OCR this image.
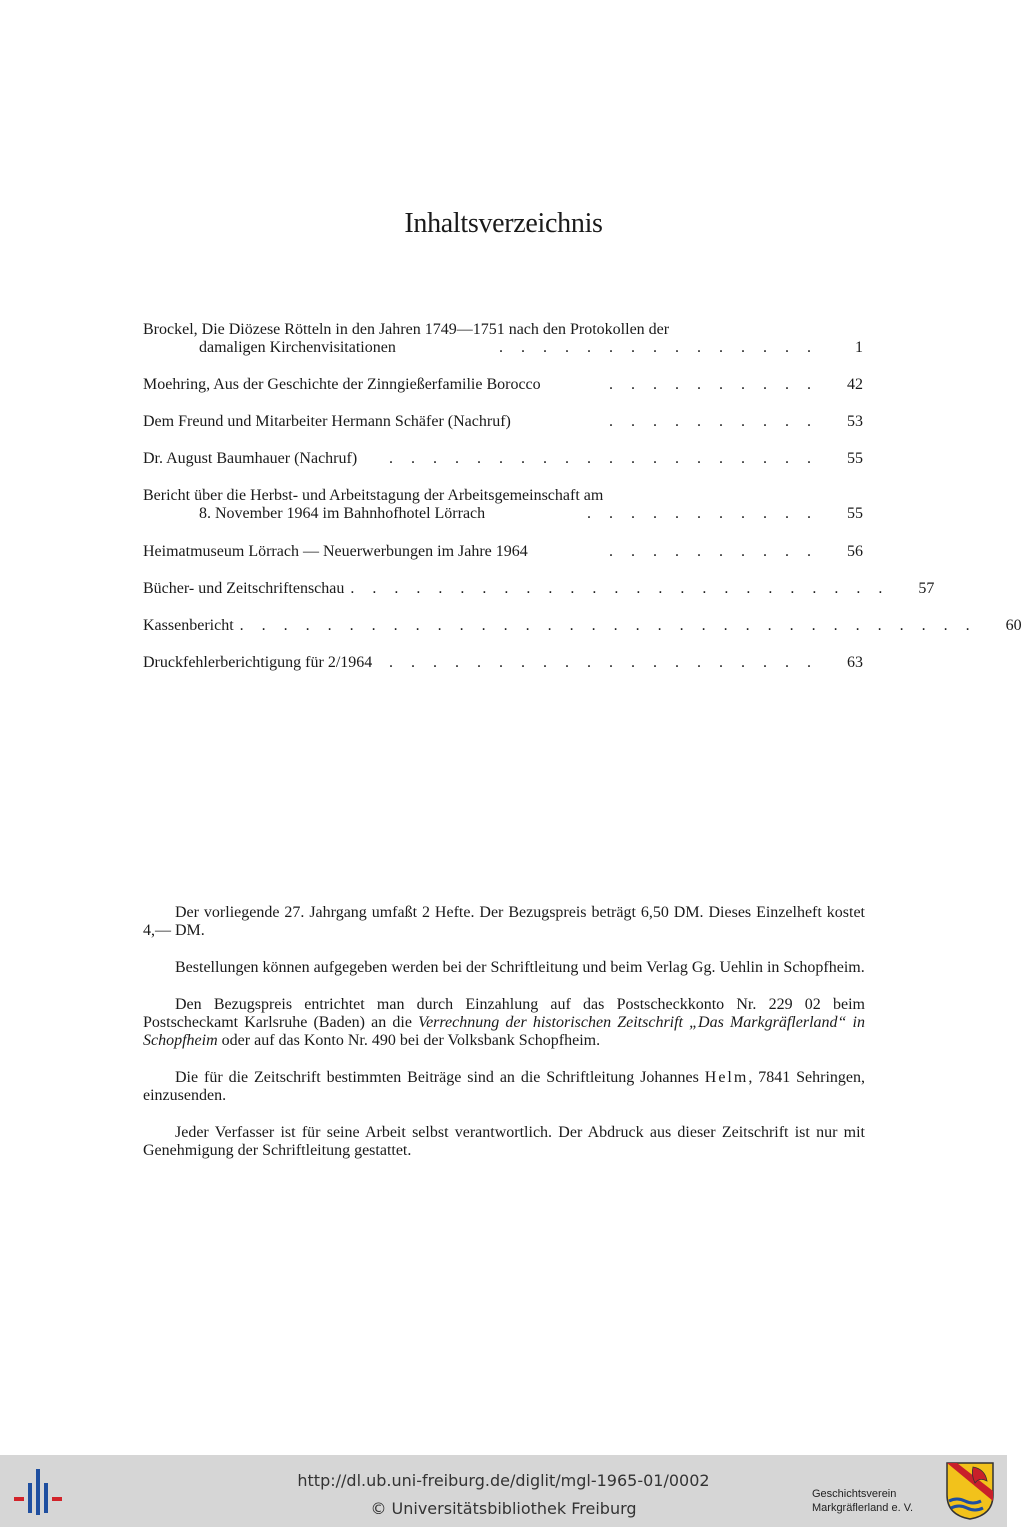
Inhaltsverzeichnis
Brockel, Die Diözese Rötteln in den Jahren 1749—1751 nach den Protokollen der
damaligen Kirchenvisitationen	...............	1
Moehring, Aus der Geschichte der Zinngießerfamilie Borocco	..........	42
Dem Freund und Mitarbeiter Hermann Schäfer (Nachruf)	..........	53
Dr. August Baumhauer (Nachruf)	....................	55
Bericht über die Herbst- und Arbeitstagung der Arbeitsgemeinschaft am
8. November 1964 im Bahnhofhotel Lörrach	...........	55
Heimatmuseum Lörrach — Neuerwerbungen im Jahre 1964	..........	56
Bücher- und Zeitschriftenschau .........................	57
Kassenbericht ..................................	60
Druckfehlerberichtigung für 2/1964	....................	63

Der vorliegende 27. Jahrgang umfaßt 2 Hefte. Der Bezugspreis beträgt 6,50 DM. Dieses Einzelheft kostet 4,— DM.

Bestellungen können aufgegeben werden bei der Schriftleitung und beim Verlag Gg. Uehlin in Schopfheim.

Den Bezugspreis entrichtet man durch Einzahlung auf das Postscheckkonto Nr. 229 02 beim Postscheckamt Karlsruhe (Baden) an die Verrechnung der historischen Zeitschrift „Das Markgräflerland“ in Schopfheim oder auf das Konto Nr. 490 bei der Volksbank Schopfheim.

Die für die Zeitschrift bestimmten Beiträge sind an die Schriftleitung Johannes Helm, 7841 Sehringen, einzusenden.

Jeder Verfasser ist für seine Arbeit selbst verantwortlich. Der Abdruck aus dieser Zeitschrift ist nur mit Genehmigung der Schriftleitung gestattet.

http://dl.ub.uni-freiburg.de/diglit/mgl-1965-01/0002
© Universitätsbibliothek Freiburg
Geschichtsverein
Markgräflerland e. V.
